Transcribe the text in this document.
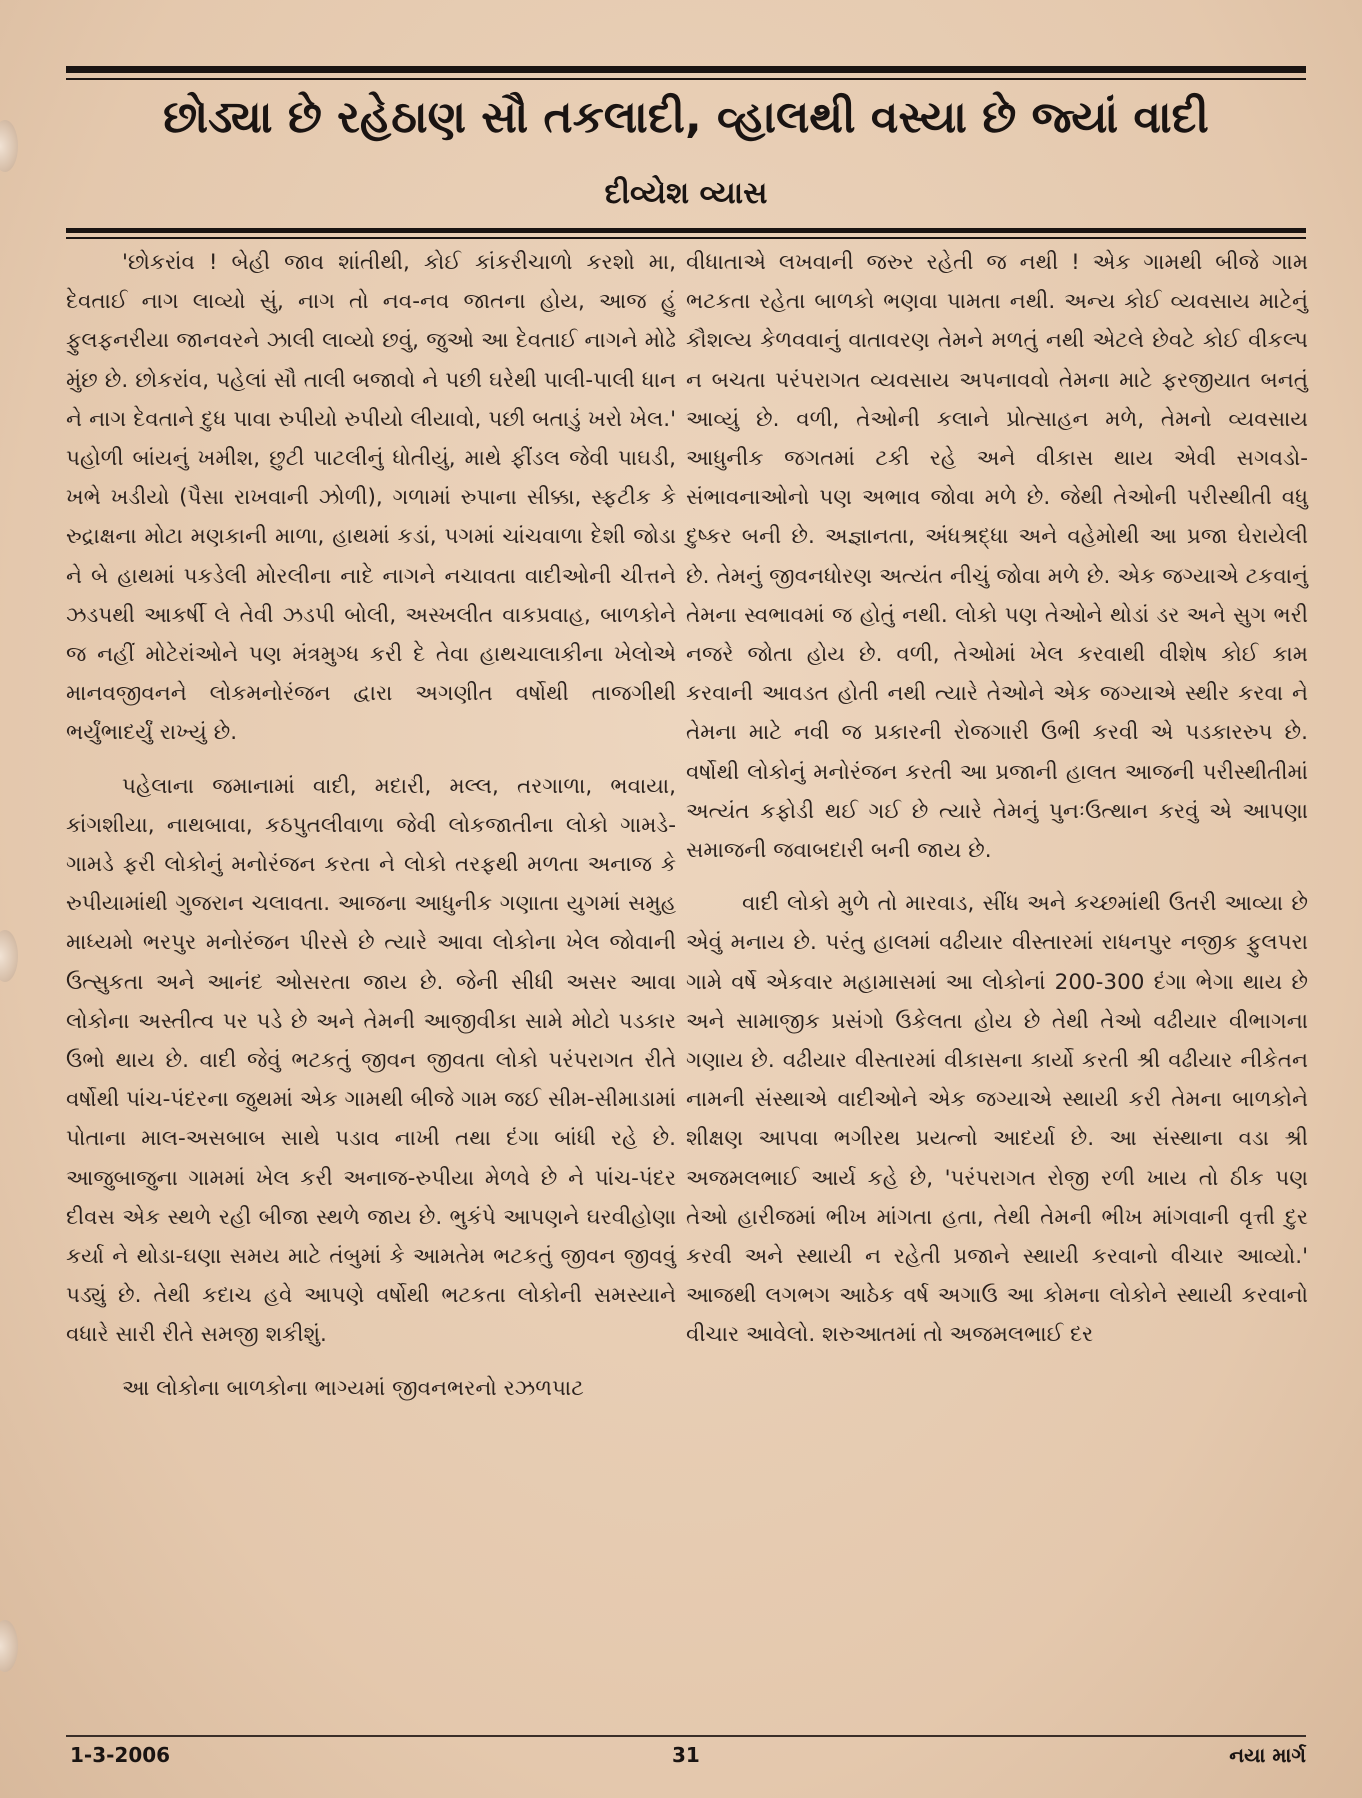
છોડ્યા છે રહેઠાણ સૌ તકલાદી, વ્હાલથી વસ્યા છે જ્યાં વાદી
દીવ્યેશ વ્યાસ

'છોકરાંવ ! બેહી જાવ શાંતીથી, કોઈ કાંકરીચાળો કરશો મા, દેવતાઈ નાગ લાવ્યો સું, નાગ તો નવ-નવ જાતના હોય, આજ હું ફુલફનરીયા જાનવરને ઝાલી લાવ્યો છવું, જુઓ આ દેવતાઈ નાગને મોઢે મુંછ છે. છોકરાંવ, પહેલાં સૌ તાલી બજાવો ને પછી ઘરેથી પાલી-પાલી ધાન ને નાગ દેવતાને દુધ પાવા રુપીયો રુપીયો લીયાવો, પછી બતાડું ખરો ખેલ.' પહોળી બાંયનું ખમીશ, છુટી પાટલીનું ધોતીયું, માથે ફીંડલ જેવી પાઘડી, ખભે ખડીયો (પૈસા રાખવાની ઝોળી), ગળામાં રુપાના સીક્કા, સ્ફટીક કે રુદ્રાક્ષના મોટા મણકાની માળા, હાથમાં કડાં, પગમાં ચાંચવાળા દેશી જોડા ને બે હાથમાં પકડેલી મોરલીના નાદે નાગને નચાવતા વાદીઓની ચીત્તને ઝડપથી આકર્ષી લે તેવી ઝડપી બોલી, અસ્ખલીત વાકપ્રવાહ, બાળકોને જ નહીં મોટેરાંઓને પણ મંત્રમુગ્ધ કરી દે તેવા હાથચાલાકીના ખેલોએ માનવજીવનને લોકમનોરંજન દ્વારા અગણીત વર્ષોથી તાજગીથી ભર્યુંભાદર્યું રાખ્યું છે.

પહેલાના જમાનામાં વાદી, મદારી, મલ્લ, તરગાળા, ભવાયા, કાંગશીયા, નાથબાવા, કઠપુતલીવાળા જેવી લોકજાતીના લોકો ગામડે-ગામડે ફરી લોકોનું મનોરંજન કરતા ને લોકો તરફથી મળતા અનાજ કે રુપીયામાંથી ગુજરાન ચલાવતા. આજના આધુનીક ગણાતા યુગમાં સમુહ માધ્યમો ભરપુર મનોરંજન પીરસે છે ત્યારે આવા લોકોના ખેલ જોવાની ઉત્સુકતા અને આનંદ ઓસરતા જાય છે. જેની સીધી અસર આવા લોકોના અસ્તીત્વ પર પડે છે અને તેમની આજીવીકા સામે મોટો પડકાર ઉભો થાય છે. વાદી જેવું ભટકતું જીવન જીવતા લોકો પરંપરાગત રીતે વર્ષોથી પાંચ-પંદરના જુથમાં એક ગામથી બીજે ગામ જઈ સીમ-સીમાડામાં પોતાના માલ-અસબાબ સાથે પડાવ નાખી તથા દંગા બાંધી રહે છે. આજુબાજુના ગામમાં ખેલ કરી અનાજ-રુપીયા મેળવે છે ને પાંચ-પંદર દીવસ એક સ્થળે રહી બીજા સ્થળે જાય છે. ભુકંપે આપણને ઘરવીહોણા કર્યા ને થોડા-ઘણા સમય માટે તંબુમાં કે આમતેમ ભટકતું જીવન જીવવું પડ્યું છે. તેથી કદાચ હવે આપણે વર્ષોથી ભટકતા લોકોની સમસ્યાને વધારે સારી રીતે સમજી શકીશું.

આ લોકોના બાળકોના ભાગ્યમાં જીવનભરનો રઝળપાટ

વીધાતાએ લખવાની જરુર રહેતી જ નથી ! એક ગામથી બીજે ગામ ભટકતા રહેતા બાળકો ભણવા પામતા નથી. અન્ય કોઈ વ્યવસાય માટેનું કૌશલ્ય કેળવવાનું વાતાવરણ તેમને મળતું નથી એટલે છેવટે કોઈ વીકલ્પ ન બચતા પરંપરાગત વ્યવસાય અપનાવવો તેમના માટે ફરજીયાત બનતું આવ્યું છે. વળી, તેઓની કલાને પ્રોત્સાહન મળે, તેમનો વ્યવસાય આધુનીક જગતમાં ટકી રહે અને વીકાસ થાય એવી સગવડો-સંભાવનાઓનો પણ અભાવ જોવા મળે છે. જેથી તેઓની પરીસ્થીતી વધુ દુષ્કર બની છે. અજ્ઞાનતા, અંધશ્રદ્ધા અને વહેમોથી આ પ્રજા ઘેરાયેલી છે. તેમનું જીવનધોરણ અત્યંત નીચું જોવા મળે છે. એક જગ્યાએ ટકવાનું તેમના સ્વભાવમાં જ હોતું નથી. લોકો પણ તેઓને થોડાં ડર અને સુગ ભરી નજરે જોતા હોય છે. વળી, તેઓમાં ખેલ કરવાથી વીશેષ કોઈ કામ કરવાની આવડત હોતી નથી ત્યારે તેઓને એક જગ્યાએ સ્થીર કરવા ને તેમના માટે નવી જ પ્રકારની રોજગારી ઉભી કરવી એ પડકારરુપ છે. વર્ષોથી લોકોનું મનોરંજન કરતી આ પ્રજાની હાલત આજની પરીસ્થીતીમાં અત્યંત કફોડી થઈ ગઈ છે ત્યારે તેમનું પુનઃઉત્થાન કરવું એ આપણા સમાજની જવાબદારી બની જાય છે.

વાદી લોકો મુળે તો મારવાડ, સીંધ અને કચ્છમાંથી ઉતરી આવ્યા છે એવું મનાય છે. પરંતુ હાલમાં વઢીયાર વીસ્તારમાં રાધનપુર નજીક ફુલપરા ગામે વર્ષે એકવાર મહામાસમાં આ લોકોનાં 200-300 દંગા ભેગા થાય છે અને સામાજીક પ્રસંગો ઉકેલતા હોય છે તેથી તેઓ વઢીયાર વીભાગના ગણાય છે. વઢીયાર વીસ્તારમાં વીકાસના કાર્યો કરતી શ્રી વઢીયાર નીકેતન નામની સંસ્થાએ વાદીઓને એક જગ્યાએ સ્થાયી કરી તેમના બાળકોને શીક્ષણ આપવા ભગીરથ પ્રયત્નો આદર્યા છે. આ સંસ્થાના વડા શ્રી અજમલભાઈ આર્ય કહે છે, 'પરંપરાગત રોજી રળી ખાય તો ઠીક પણ તેઓ હારીજમાં ભીખ માંગતા હતા, તેથી તેમની ભીખ માંગવાની વૃત્તી દુર કરવી અને સ્થાયી ન રહેતી પ્રજાને સ્થાયી કરવાનો વીચાર આવ્યો.' આજથી લગભગ આઠેક વર્ષ અગાઉ આ કોમના લોકોને સ્થાયી કરવાનો વીચાર આવેલો. શરુઆતમાં તો અજમલભાઈ દર

1-3-2006	31	નયા માર્ગ
